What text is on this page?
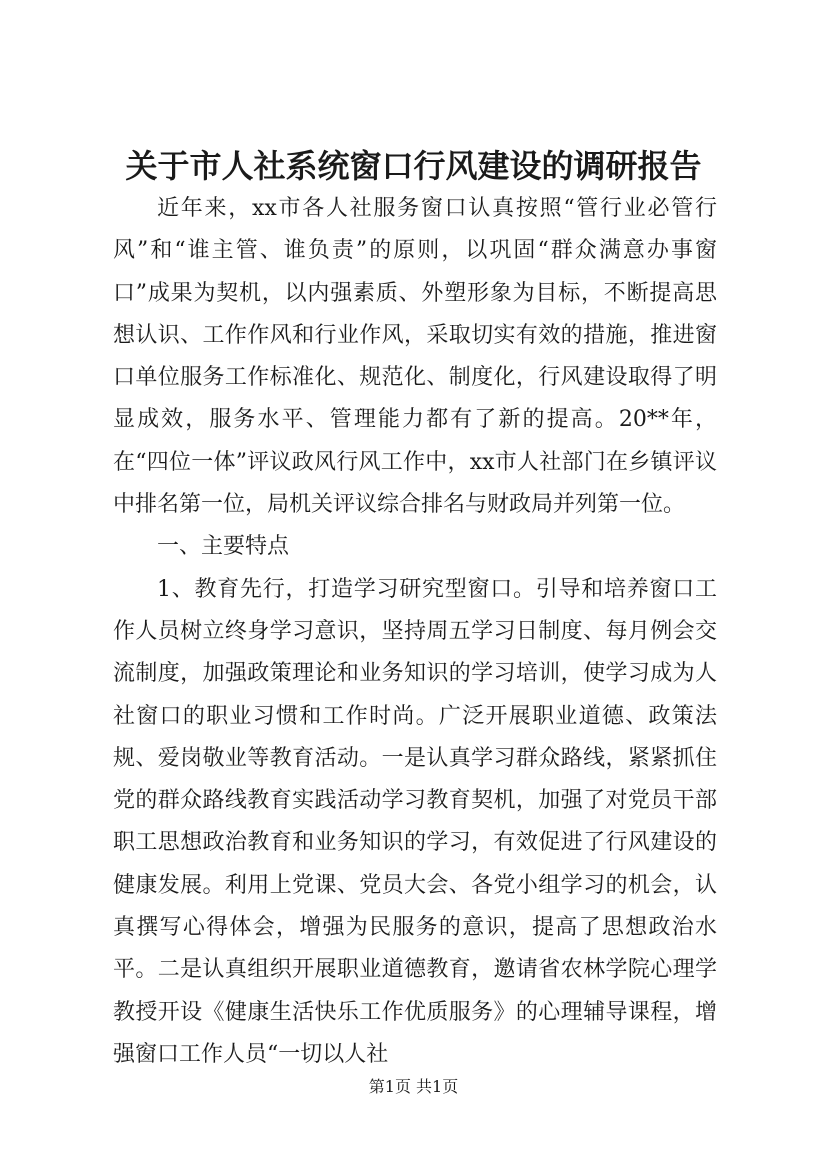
关于市人社系统窗口行风建设的调研报告

近年来，xx市各人社服务窗口认真按照“管行业必管行风”和“谁主管、谁负责”的原则，以巩固“群众满意办事窗口”成果为契机，以内强素质、外塑形象为目标，不断提高思想认识、工作作风和行业作风，采取切实有效的措施，推进窗口单位服务工作标准化、规范化、制度化，行风建设取得了明显成效，服务水平、管理能力都有了新的提高。20**年，在“四位一体”评议政风行风工作中，xx市人社部门在乡镇评议中排名第一位，局机关评议综合排名与财政局并列第一位。

一、主要特点

1、教育先行，打造学习研究型窗口。引导和培养窗口工作人员树立终身学习意识，坚持周五学习日制度、每月例会交流制度，加强政策理论和业务知识的学习培训，使学习成为人社窗口的职业习惯和工作时尚。广泛开展职业道德、政策法规、爱岗敬业等教育活动。一是认真学习群众路线，紧紧抓住党的群众路线教育实践活动学习教育契机，加强了对党员干部职工思想政治教育和业务知识的学习，有效促进了行风建设的健康发展。利用上党课、党员大会、各党小组学习的机会，认真撰写心得体会，增强为民服务的意识，提高了思想政治水平。二是认真组织开展职业道德教育，邀请省农林学院心理学教授开设《健康生活快乐工作优质服务》的心理辅导课程，增强窗口工作人员“一切以人社

第1页 共1页
